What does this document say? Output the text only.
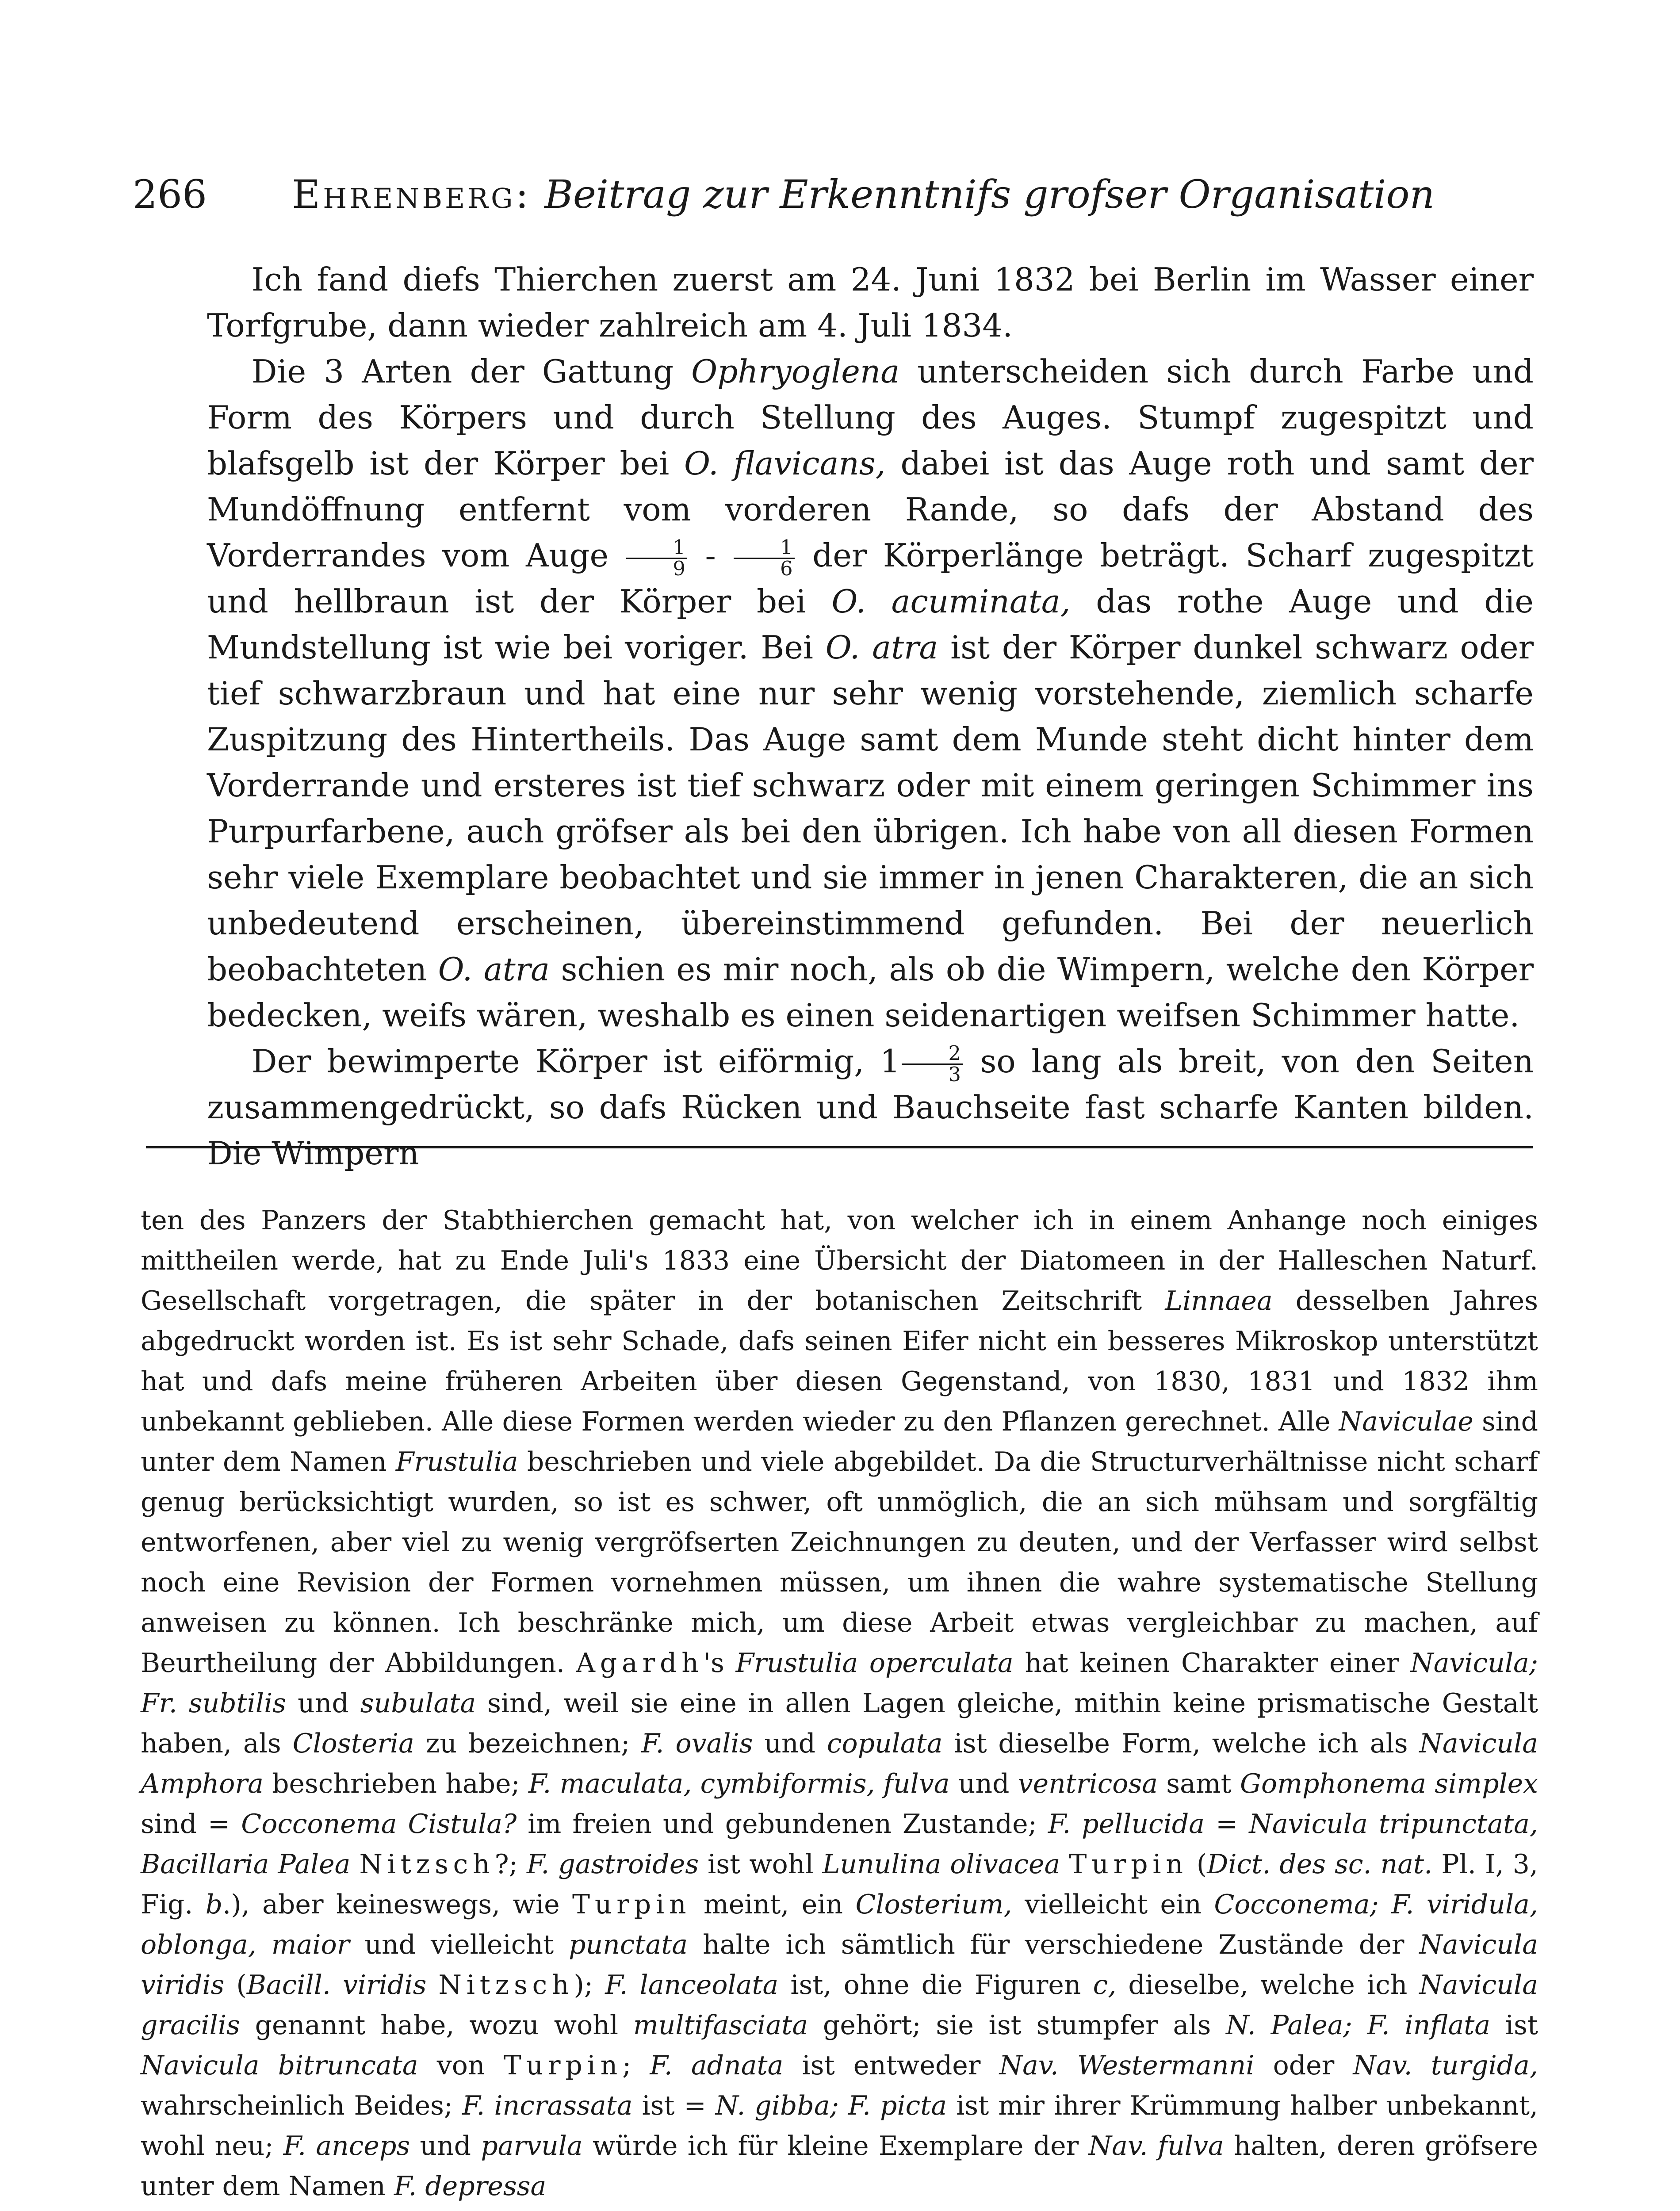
266 Ehrenberg: Beitrag zur Erkenntnifs grofser Organisation

Ich fand diefs Thierchen zuerst am 24. Juni 1832 bei Berlin im Wasser einer Torfgrube, dann wieder zahlreich am 4. Juli 1834.

Die 3 Arten der Gattung Ophryoglena unterscheiden sich durch Farbe und Form des Körpers und durch Stellung des Auges. Stumpf zugespitzt und blafsgelb ist der Körper bei O. flavicans, dabei ist das Auge roth und samt der Mundöffnung entfernt vom vorderen Rande, so dafs der Abstand des Vorderrandes vom Auge $\frac{1}{9} - \frac{1}{6}$ der Körperlänge beträgt. Scharf zugespitzt und hellbraun ist der Körper bei O. acuminata, das rothe Auge und die Mundstellung ist wie bei voriger. Bei O. atra ist der Körper dunkel schwarz oder tief schwarzbraun und hat eine nur sehr wenig vorstehende, ziemlich scharfe Zuspitzung des Hintertheils. Das Auge samt dem Munde steht dicht hinter dem Vorderrande und ersteres ist tief schwarz oder mit einem geringen Schimmer ins Purpurfarbene, auch gröfser als bei den übrigen. Ich habe von all diesen Formen sehr viele Exemplare beobachtet und sie immer in jenen Charakteren, die an sich unbedeutend erscheinen, übereinstimmend gefunden. Bei der neuerlich beobachteten O. atra schien es mir noch, als ob die Wimpern, welche den Körper bedecken, weifs wären, weshalb es einen seidenartigen weifsen Schimmer hatte.

Der bewimperte Körper ist eiförmig, $1 \frac{2}{3}$ so lang als breit, von den Seiten zusammengedrückt, so dafs Rücken und Bauchseite fast scharfe Kanten bilden. Die Wimpern

ten des Panzers der Stabthierchen gemacht hat, von welcher ich in einem Anhange noch einiges mittheilen werde, hat zu Ende Juli's 1833 eine Übersicht der Diatomeen in der Halleschen Naturf. Gesellschaft vorgetragen, die später in der botanischen Zeitschrift Linnaea desselben Jahres abgedruckt worden ist. Es ist sehr Schade, dafs seinen Eifer nicht ein besseres Mikroskop unterstützt hat und dafs meine früheren Arbeiten über diesen Gegenstand, von 1830, 1831 und 1832 ihm unbekannt geblieben. Alle diese Formen werden wieder zu den Pflanzen gerechnet. Alle Naviculae sind unter dem Namen Frustulia beschrieben und viele abgebildet. Da die Structurverhältnisse nicht scharf genug berücksichtigt wurden, so ist es schwer, oft unmöglich, die an sich mühsam und sorgfältig entworfenen, aber viel zu wenig vergröfserten Zeichnungen zu deuten, und der Verfasser wird selbst noch eine Revision der Formen vornehmen müssen, um ihnen die wahre systematische Stellung anweisen zu können. Ich beschränke mich, um diese Arbeit etwas vergleichbar zu machen, auf Beurtheilung der Abbildungen. Agardh's Frustulia operculata hat keinen Charakter einer Navicula; Fr. subtilis und subulata sind, weil sie eine in allen Lagen gleiche, mithin keine prismatische Gestalt haben, als Closteria zu bezeichnen; F. ovalis und copulata ist dieselbe Form, welche ich als Navicula Amphora beschrieben habe; F. maculata, cymbiformis, fulva und ventricosa samt Gomphonema simplex sind = Cocconema Cistula? im freien und gebundenen Zustande; F. pellucida = Navicula tripunctata, Bacillaria Palea Nitzsch?; F. gastroides ist wohl Lunulina olivacea Turpin (Dict. des sc. nat. Pl. I, 3, Fig. b.), aber keineswegs, wie Turpin meint, ein Closterium, vielleicht ein Cocconema; F. viridula, oblonga, maior und vielleicht punctata halte ich sämtlich für verschiedene Zustände der Navicula viridis (Bacill. viridis Nitzsch); F. lanceolata ist, ohne die Figuren c, dieselbe, welche ich Navicula gracilis genannt habe, wozu wohl multifasciata gehört; sie ist stumpfer als N. Palea; F. inflata ist Navicula bitruncata von Turpin; F. adnata ist entweder Nav. Westermanni oder Nav. turgida, wahrscheinlich Beides; F. incrassata ist = N. gibba; F. picta ist mir ihrer Krümmung halber unbekannt, wohl neu; F. anceps und parvula würde ich für kleine Exemplare der Nav. fulva halten, deren gröfsere unter dem Namen F. depressa
